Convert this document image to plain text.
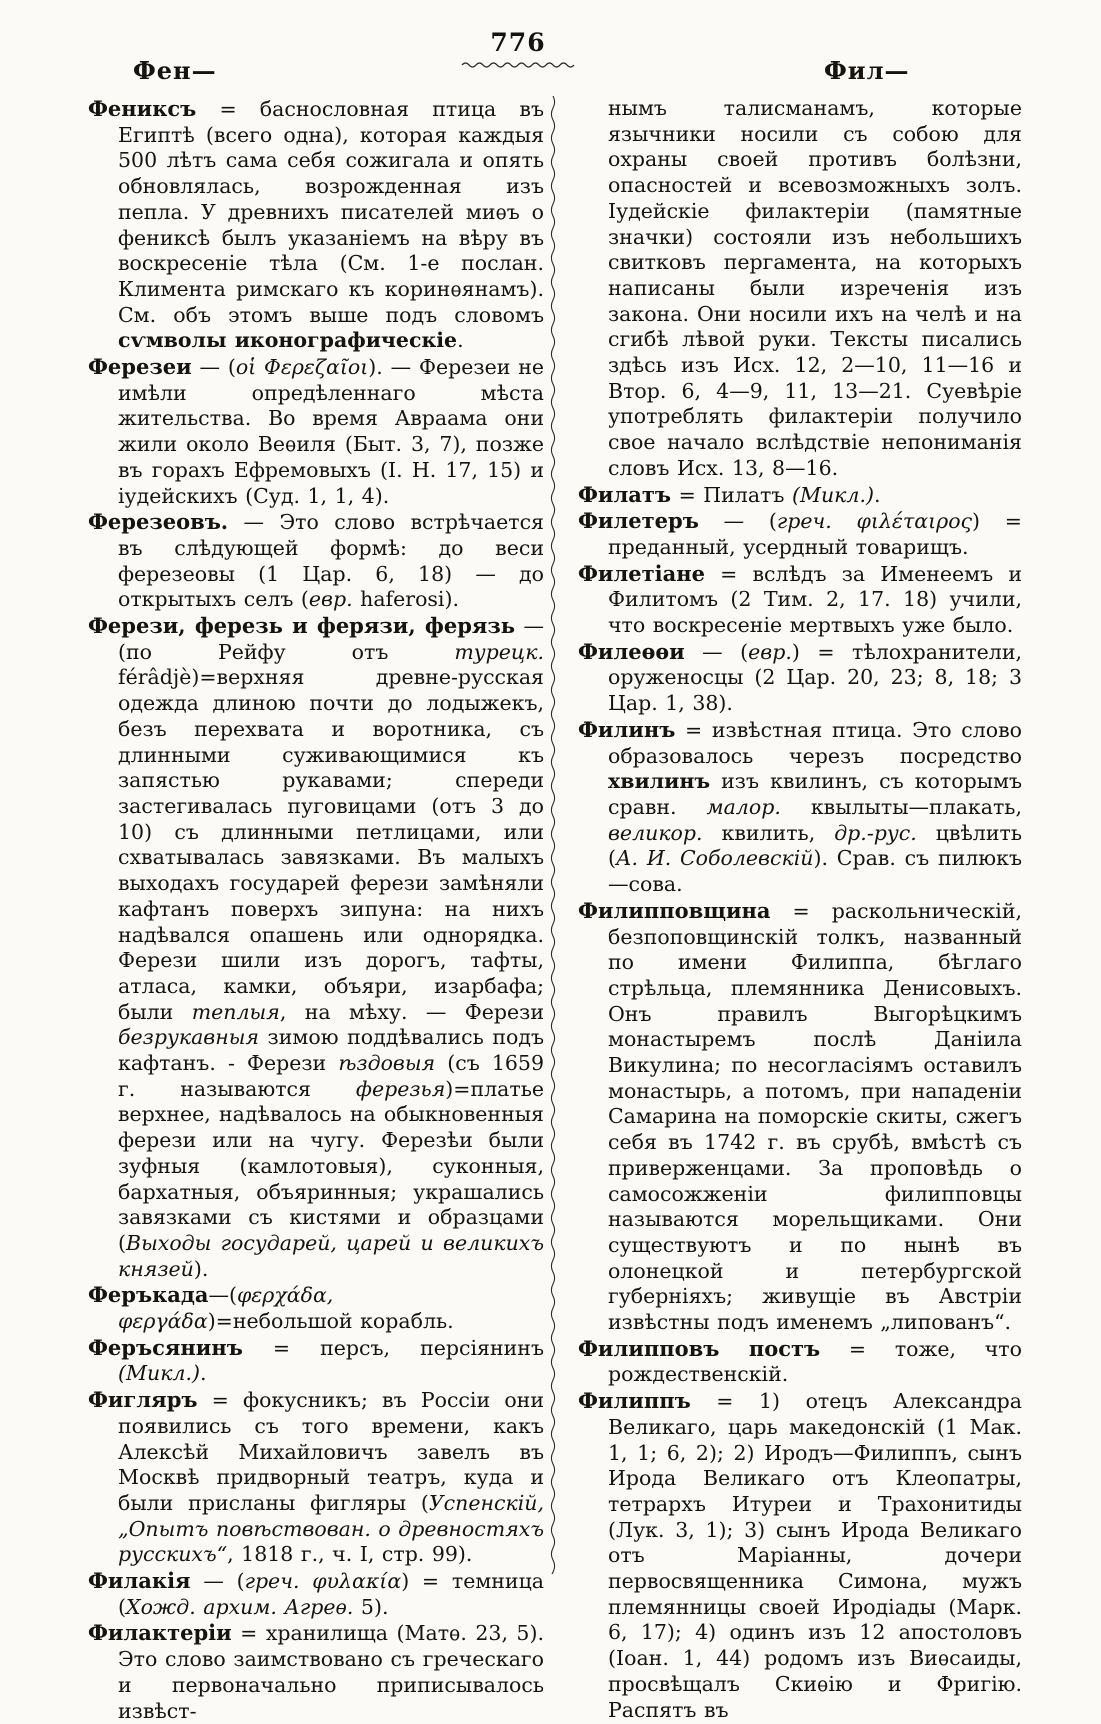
776
Фен—	Фил—

Фениксъ = баснословная птица въ Египтѣ (всего одна), которая каждыя 500 лѣтъ сама себя сожигала и опять обновлялась, возрожденная изъ пепла. У древнихъ писателей миѳъ о фениксѣ былъ указаніемъ на вѣру въ воскресеніе тѣла (См. 1-е послан. Климента римскаго къ коринѳянамъ). См. объ этомъ выше подъ словомъ сѵмволы иконографическіе.

Ферезеи — (οἱ Φερεζαῖοι). — Ферезеи не имѣли опредѣленнаго мѣста жительства. Во время Авраама они жили около Веѳиля (Быт. 3, 7), позже въ горахъ Ефремовыхъ (І. Н. 17, 15) и іудейскихъ (Суд. 1, 1, 4).

Ферезеовъ. — Это слово встрѣчается въ слѣдующей формѣ: до веси ферезеовы (1 Цар. 6, 18) — до открытыхъ селъ (евр. haferosi).

Ферези, ферезь и ферязи, ферязь — (по Рейфу отъ турецк. férâdjè)=верхняя древне-русская одежда длиною почти до лодыжекъ, безъ перехвата и воротника, съ длинными суживающимися къ запястью рукавами; спереди застегивалась пуговицами (отъ 3 до 10) съ длинными петлицами, или схватывалась завязками. Въ малыхъ выходахъ государей ферези замѣняли кафтанъ поверхъ зипуна: на нихъ надѣвался опашень или однорядка. Ферези шили изъ дорогъ, тафты, атласа, камки, объяри, изарбафа; были теплыя, на мѣху. — Ферези безрукавныя зимою поддѣвались подъ кафтанъ. - Ферези ѣздовыя (съ 1659 г. называются ферезья)=платье верхнее, надѣвалось на обыкновенныя ферези или на чугу. Ферезѣи были зуфныя (камлотовыя), суконныя, бархатныя, объяринныя; украшались завязками съ кистями и образцами (Выходы государей, царей и великихъ князей).

Феръкада—(φερχάδα, φεργάδα)=небольшой корабль.

Феръсянинъ = персъ, персіянинъ (Микл.).

Фигляръ = фокусникъ; въ Россіи они появились съ того времени, какъ Алексѣй Михайловичъ завелъ въ Москвѣ придворный театръ, куда и были присланы фигляры (Успенскій, „Опытъ повѣствован. о древностяхъ русскихъ“, 1818 г., ч. I, стр. 99).

Филакія — (греч. φυλακία) = темница (Хожд. архим. Агреѳ. 5).

Филактеріи = хранилища (Матѳ. 23, 5). Это слово заимствовано съ греческаго и первоначально приписывалось извѣст-

нымъ талисманамъ, которые язычники носили съ собою для охраны своей противъ болѣзни, опасностей и всевозможныхъ золъ. Іудейскіе филактеріи (памятные значки) состояли изъ небольшихъ свитковъ пергамента, на которыхъ написаны были изреченія изъ закона. Они носили ихъ на челѣ и на сгибѣ лѣвой руки. Тексты писались здѣсь изъ Исх. 12, 2—10, 11—16 и Втор. 6, 4—9, 11, 13—21. Суевѣріе употреблять филактеріи получило свое начало вслѣдствіе непониманія словъ Исх. 13, 8—16.

Филатъ = Пилатъ (Микл.).

Филетеръ — (греч. φιλέταιρος) = преданный, усердный товарищъ.

Филетіане = вслѣдъ за Именеемъ и Филитомъ (2 Тим. 2, 17. 18) учили, что воскресеніе мертвыхъ уже было.

Филеѳѳи — (евр.) = тѣлохранители, оруженосцы (2 Цар. 20, 23; 8, 18; 3 Цар. 1, 38).

Филинъ = извѣстная птица. Это слово образовалось черезъ посредство хвилинъ изъ квилинъ, съ которымъ сравн. малор. квылыты—плакать, великор. квилить, др.-рус. цвѣлить (А. И. Соболевскій). Срав. съ пилюкъ—сова.

Филипповщина = раскольническій, безпоповщинскій толкъ, названный по имени Филиппа, бѣглаго стрѣльца, племянника Денисовыхъ. Онъ правилъ Выгорѣцкимъ монастыремъ послѣ Даніила Викулина; по несогласіямъ оставилъ монастырь, а потомъ, при нападеніи Самарина на поморскіе скиты, сжегъ себя въ 1742 г. въ срубѣ, вмѣстѣ съ приверженцами. За проповѣдь о самосожженіи филипповцы называются морельщиками. Они существуютъ и по нынѣ въ олонецкой и петербургской губерніяхъ; живущіе въ Австріи извѣстны подъ именемъ „липованъ“.

Филипповъ постъ = тоже, что рождественскій.

Филиппъ = 1) отецъ Александра Великаго, царь македонскій (1 Мак. 1, 1; 6, 2); 2) Иродъ—Филиппъ, сынъ Ирода Великаго отъ Клеопатры, тетрархъ Итуреи и Трахонитиды (Лук. 3, 1); 3) сынъ Ирода Великаго отъ Маріанны, дочери первосвященника Симона, мужъ племянницы своей Иродіады (Марк. 6, 17); 4) одинъ изъ 12 апостоловъ (Іоан. 1, 44) родомъ изъ Виѳсаиды, просвѣщалъ Скиѳію и Фригію. Распятъ въ
